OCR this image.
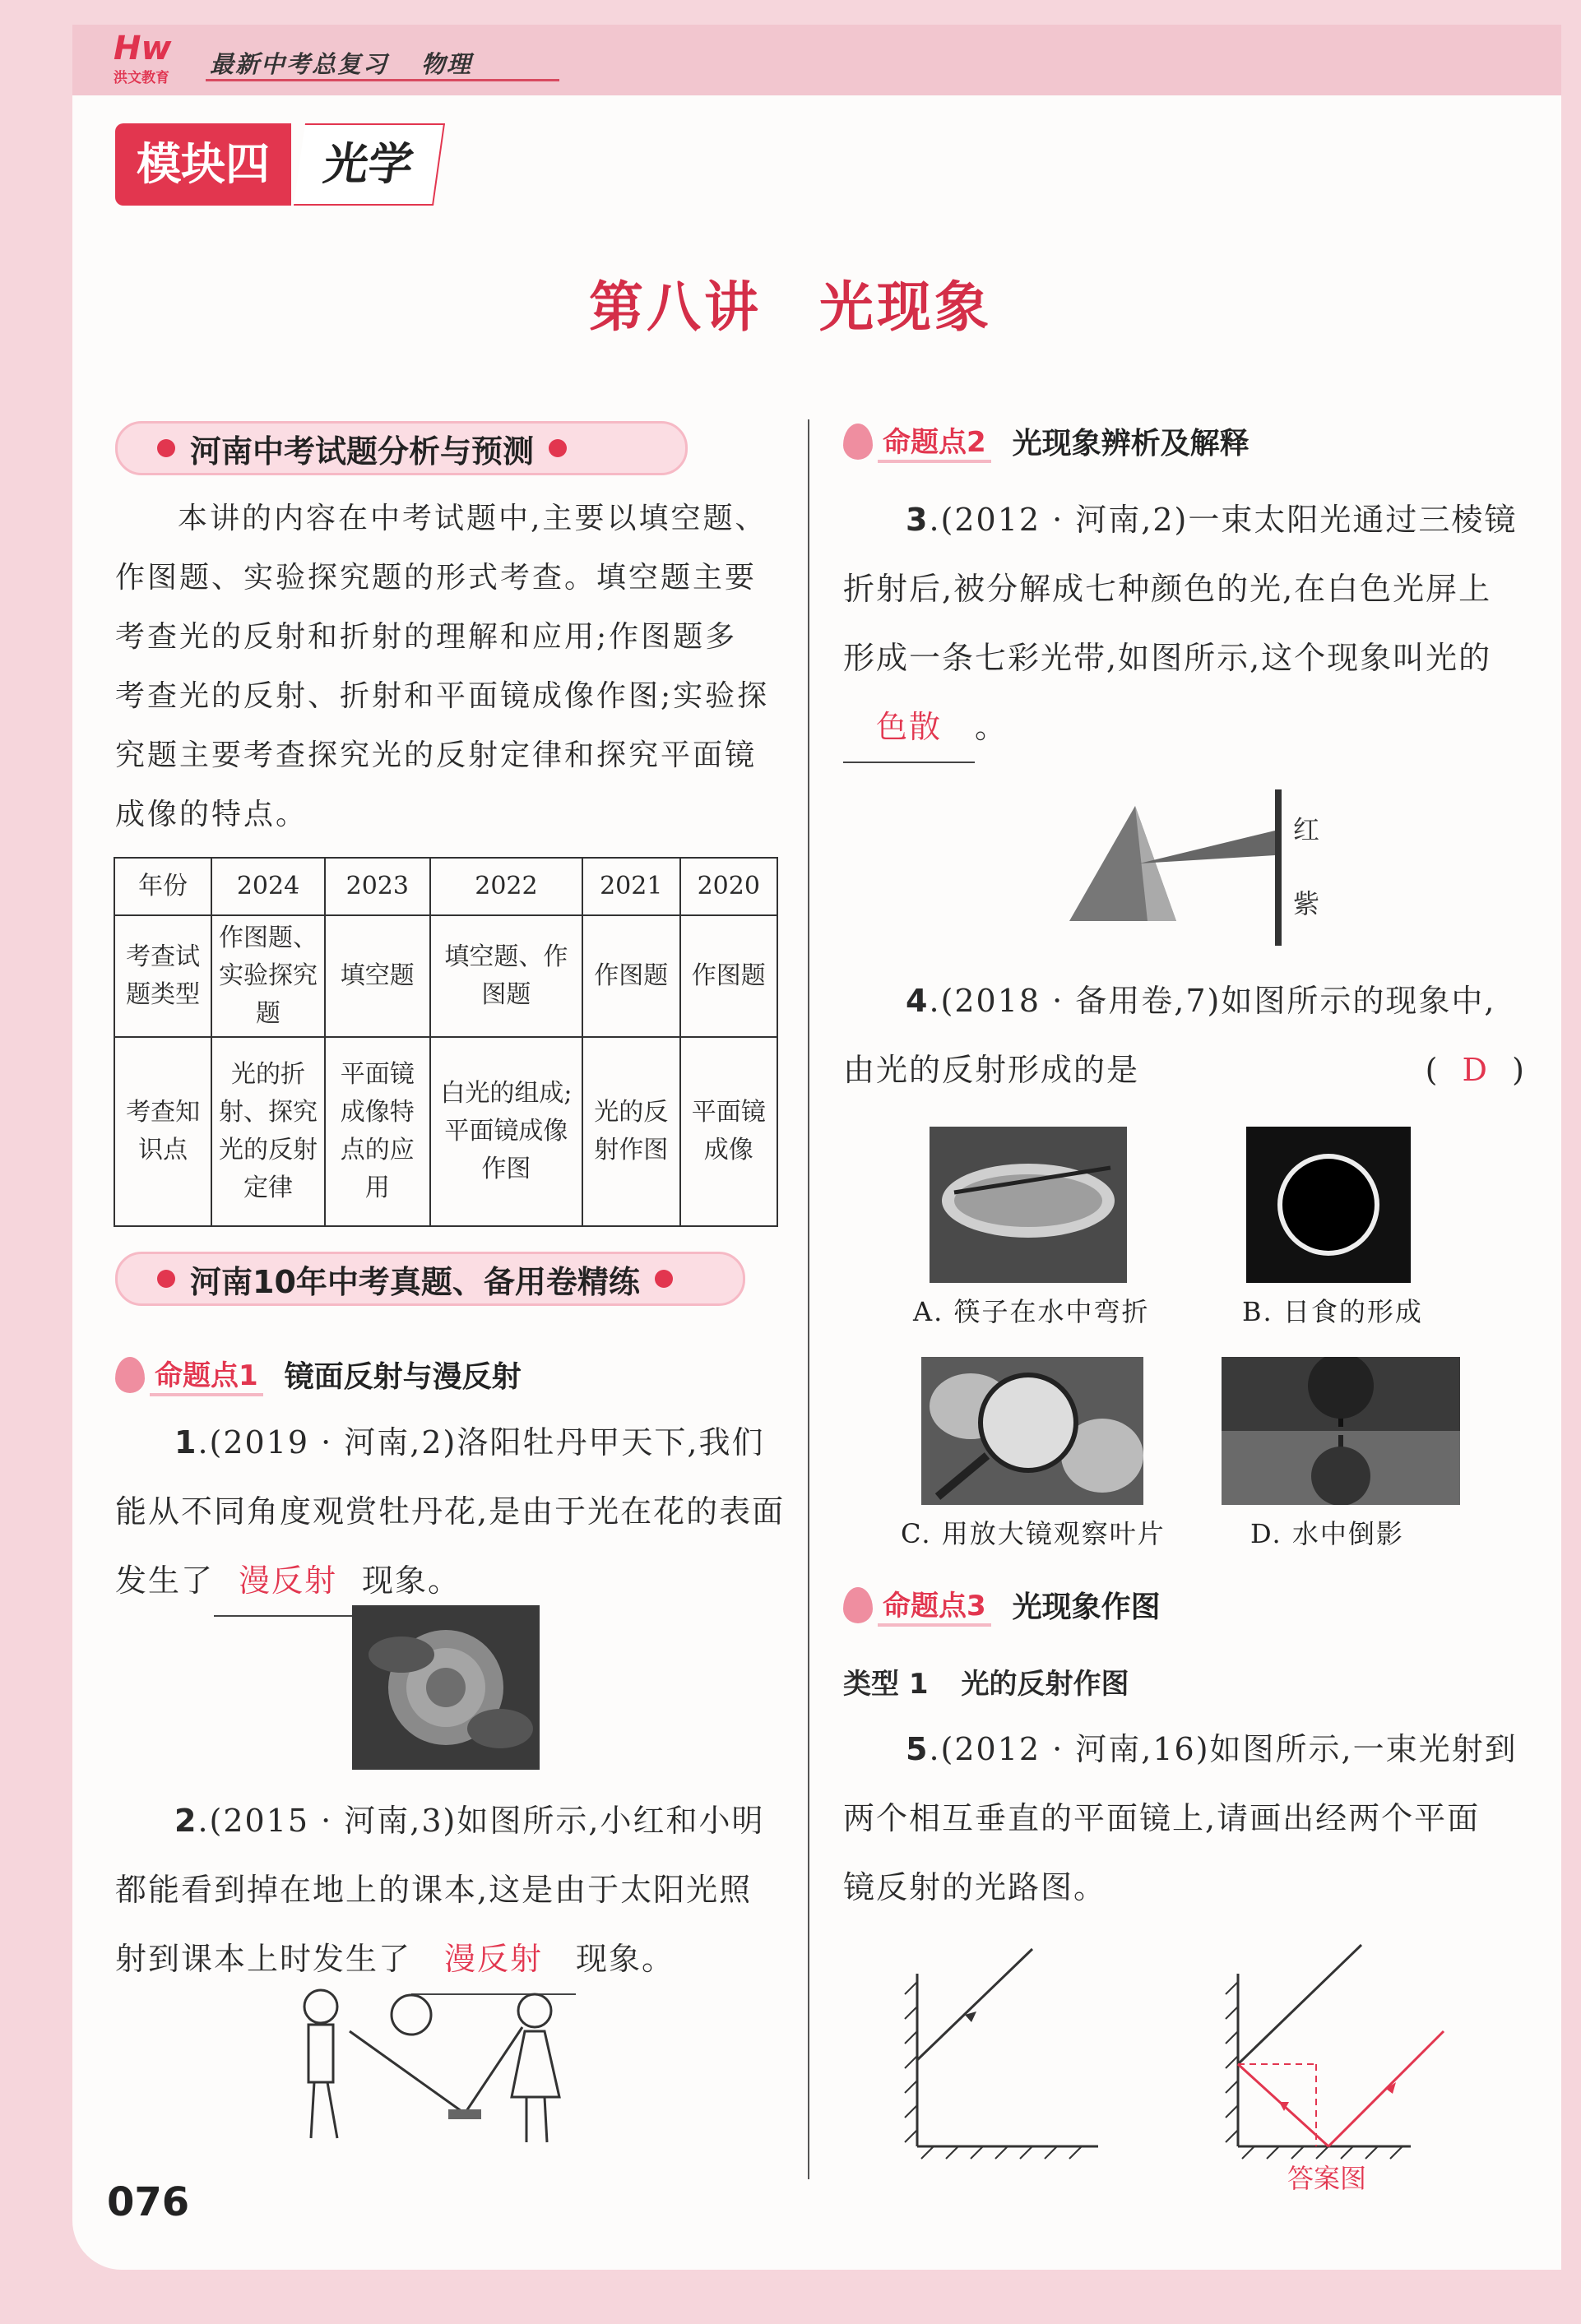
Hw
洪文教育	最新中考总复习 物理
模块四	光学
第八讲 光现象
河南中考试题分析与预测
本讲的内容在中考试题中,主要以填空题、
作图题、实验探究题的形式考查。填空题主要
考查光的反射和折射的理解和应用;作图题多
考查光的反射、折射和平面镜成像作图;实验探
究题主要考查探究光的反射定律和探究平面镜
成像的特点。
年份	2024	2023	2022	2021	2020
考查试题类型	作图题、实验探究题	填空题	填空题、作图题	作图题	作图题
考查知识点	光的折射、探究光的反射定律	平面镜成像特点的应用	白光的组成;平面镜成像作图	光的反射作图	平面镜成像
河南10年中考真题、备用卷精练
命题点1 镜面反射与漫反射
1.(2019 · 河南,2)洛阳牡丹甲天下,我们
能从不同角度观赏牡丹花,是由于光在花的表面
发生了 漫反射 现象。
2.(2015 · 河南,3)如图所示,小红和小明
都能看到掉在地上的课本,这是由于太阳光照
射到课本上时发生了 漫反射 现象。
076
命题点2 光现象辨析及解释
3.(2012 · 河南,2)一束太阳光通过三棱镜
折射后,被分解成七种颜色的光,在白色光屏上
形成一条七彩光带,如图所示,这个现象叫光的
色散 。
红
紫
4.(2018 · 备用卷,7)如图所示的现象中,
由光的反射形成的是	(  D  )
A. 筷子在水中弯折	B. 日食的形成
C. 用放大镜观察叶片	D. 水中倒影
命题点3 光现象作图
类型 1 光的反射作图
5.(2012 · 河南,16)如图所示,一束光射到
两个相互垂直的平面镜上,请画出经两个平面
镜反射的光路图。
答案图
